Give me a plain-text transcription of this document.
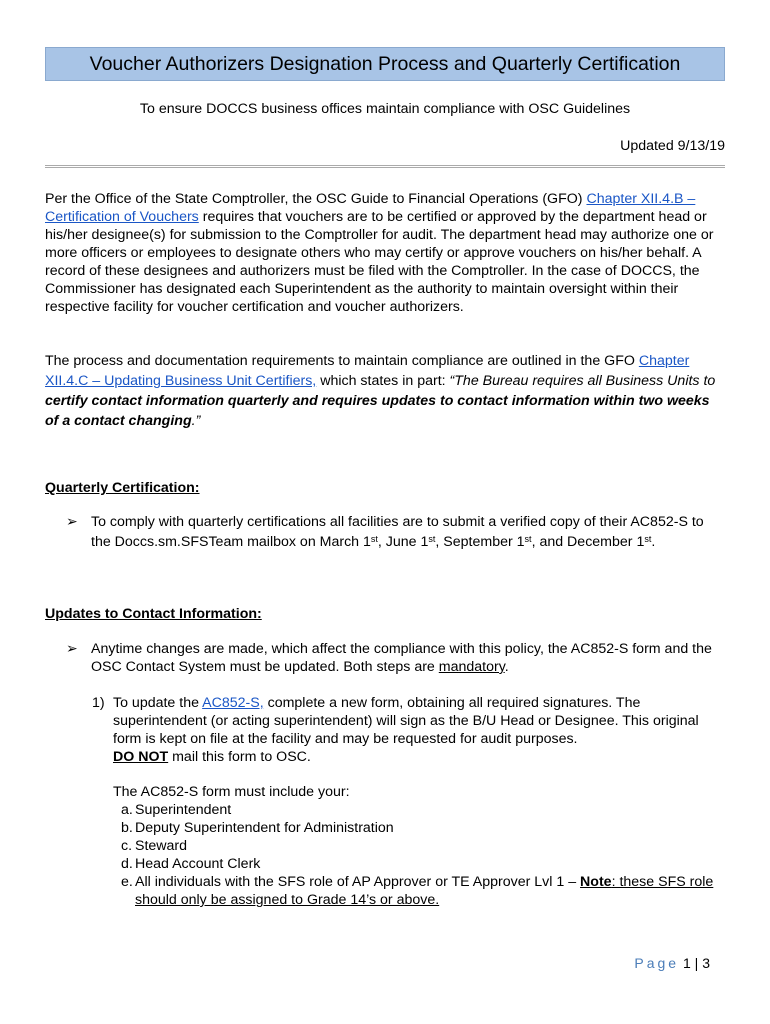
Voucher Authorizers Designation Process and Quarterly Certification
To ensure DOCCS business offices maintain compliance with OSC Guidelines
Updated 9/13/19

Per the Office of the State Comptroller, the OSC Guide to Financial Operations (GFO) Chapter XII.4.B – Certification of Vouchers requires that vouchers are to be certified or approved by the department head or his/her designee(s) for submission to the Comptroller for audit. The department head may authorize one or more officers or employees to designate others who may certify or approve vouchers on his/her behalf. A record of these designees and authorizers must be filed with the Comptroller. In the case of DOCCS, the Commissioner has designated each Superintendent as the authority to maintain oversight within their respective facility for voucher certification and voucher authorizers.

The process and documentation requirements to maintain compliance are outlined in the GFO Chapter XII.4.C – Updating Business Unit Certifiers, which states in part: “The Bureau requires all Business Units to certify contact information quarterly and requires updates to contact information within two weeks of a contact changing.”

Quarterly Certification:
➢ To comply with quarterly certifications all facilities are to submit a verified copy of their AC852-S to the Doccs.sm.SFSTeam mailbox on March 1st, June 1st, September 1st, and December 1st.
Updates to Contact Information:
➢ Anytime changes are made, which affect the compliance with this policy, the AC852-S form and the OSC Contact System must be updated. Both steps are mandatory.
1) To update the AC852-S, complete a new form, obtaining all required signatures. The superintendent (or acting superintendent) will sign as the B/U Head or Designee. This original form is kept on file at the facility and may be requested for audit purposes.
DO NOT mail this form to OSC.
The AC852-S form must include your:
a. Superintendent
b. Deputy Superintendent for Administration
c. Steward
d. Head Account Clerk
e. All individuals with the SFS role of AP Approver or TE Approver Lvl 1 – Note: these SFS role should only be assigned to Grade 14’s or above.
Page 1 | 3
